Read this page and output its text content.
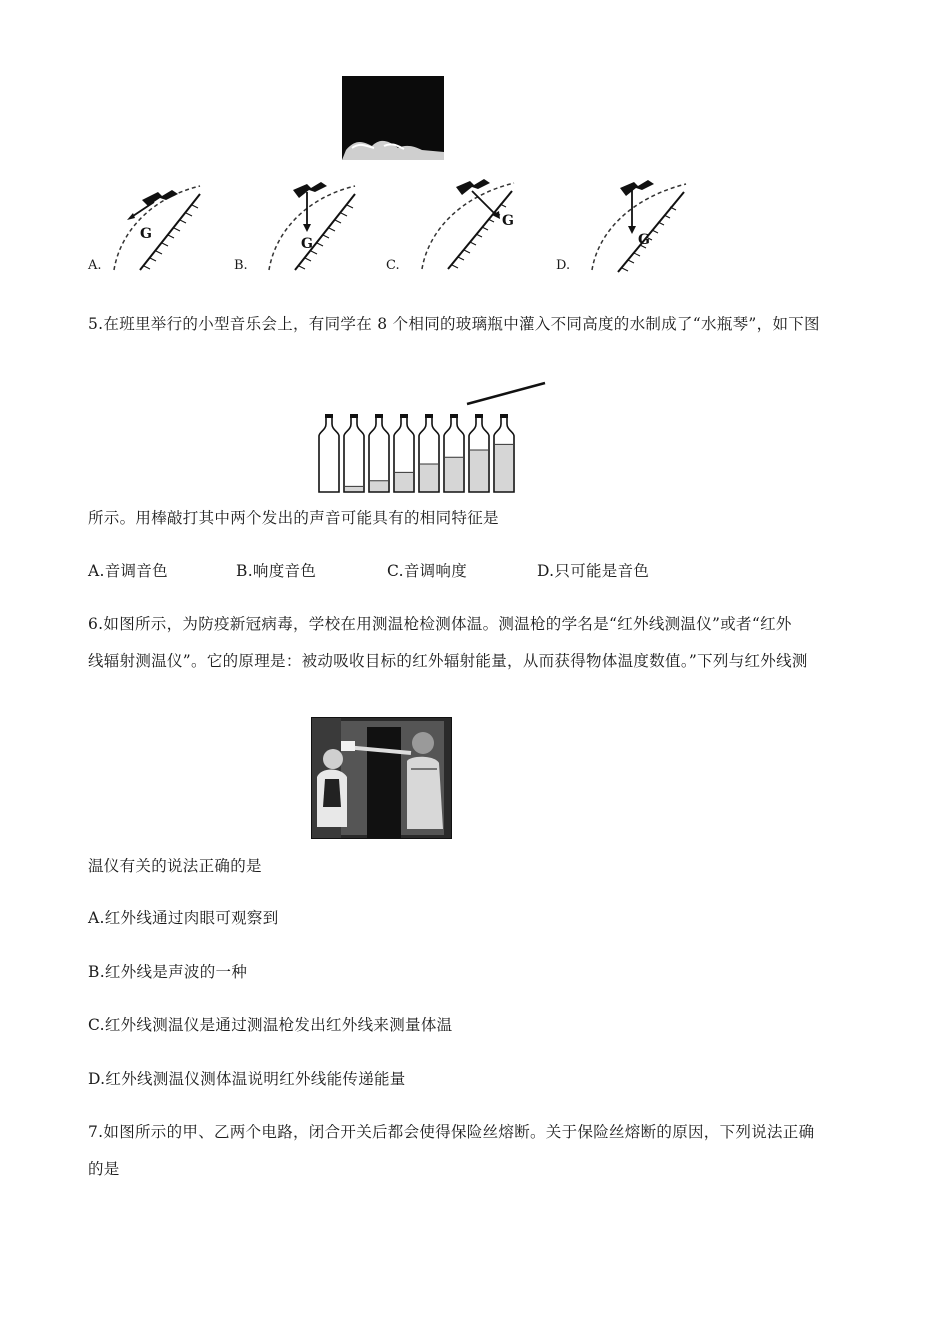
G
A.
G
B.
G
C.
G
D.
5.在班里举行的小型音乐会上，有同学在 8 个相同的玻璃瓶中灌入不同高度的水制成了“水瓶琴”，如下图
所示。用棒敲打其中两个发出的声音可能具有的相同特征是
A.音调音色	B.响度音色	C.音调响度	D.只可能是音色
6.如图所示，为防疫新冠病毒，学校在用测温枪检测体温。测温枪的学名是“红外线测温仪”或者“红外
线辐射测温仪”。它的原理是：被动吸收目标的红外辐射能量，从而获得物体温度数值。”下列与红外线测
温仪有关的说法正确的是
A.红外线通过肉眼可观察到
B.红外线是声波的一种
C.红外线测温仪是通过测温枪发出红外线来测量体温
D.红外线测温仪测体温说明红外线能传递能量
7.如图所示的甲、乙两个电路，闭合开关后都会使得保险丝熔断。关于保险丝熔断的原因，下列说法正确
的是
